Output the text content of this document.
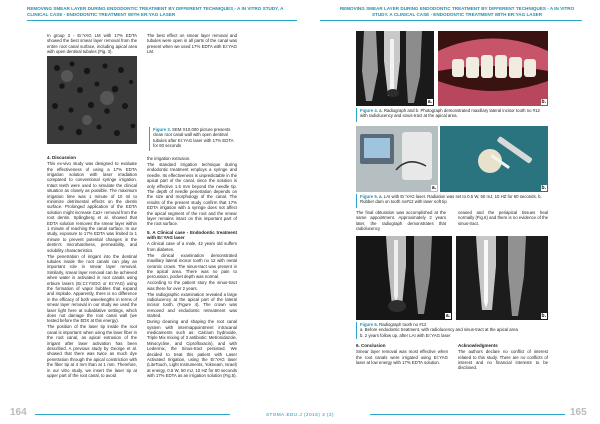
REMOVING SMEAR LAYER DURING ENDODONTIC TREATMENT BY DIFFERENT TECHNIQUES - A IN VITRO STUDY. A CLINICAL CASE - ENDODONTIC TREATMENT WITH ER:YAG LASER
REMOVING SMEAR LAYER DURING ENDODONTIC TREATMENT BY DIFFERENT TECHNIQUES - A IN VITRO STUDY. A CLINICAL CASE - ENDODONTIC TREATMENT WITH ER:YAG LASER

In group 3 - Er:YAG LM with 17% EDTA showed the best smear layer removal from the entire root canal surface, including apical area with open dentinal tubules (Fig. 3).

4. Discussion

This ex-vivo study was designed to evaluate the effectiveness of using a 17% EDTA irrigation solution with laser irradiation compared to conventional syringe irrigation. Intact teeth were used to simulate the clinical situation as closely as possible. The maximum irrigation time was 1 minute of 10 ml to minimize detrimental effects on the dentin surface. Prolonged application of the EDTA solution might increase Ca2+ removal from the root dentin. Spångberg et al. showed that EDTA solution removes the smear layer within 1 minute of reaching the canal surface. In our study, exposure to 17% EDTA was limited to 1 minute to prevent potential changes in the dentin's microhardness, permeability, and solubility characteristics.

The penetration of irrigant into the dentinal tubules inside the root canals can play an important role in smear layer removal. Similarly, smear layer removal can be achieved when water is activated in root canals using erbium lasers (Er,Cr:YSGG or Er:YAG) using the formation of vapor bubbles that expand and implode. Apparently, there is no difference in the efficacy of both wavelengths in terms of smear layer removal in our study we used the laser light here at subablative settings, which does not damage the root canal wall (we tested before the EDX at this energy).

The position of the laser tip inside the root canal is important: when using the laser fiber in the root canal, as apical extrusion of the irrigant after laser activation has been described. A previous study by George et al. showed that there was twice as much dye penetration through the apical constriction with the fiber tip at 4 mm than at 1 mm. Therefore, in our vitro study, we insert the laser tip at upper part of the root canal, to avoid

The best effect on smear layer removal and tubules were open in all parts of the canal was present when we used 17% EDTA with Er:YAG LM.

Figure 3. SEM X10,000 picture presents clean root canal wall with open dentinal tubules after Er:YAG laser with 17% EDTA for 60 seconds

the irrigation extrusion.

The standard irrigation technique during endodontic treatment employs a syringe and needle. Its effectiveness is unpredictable in the apical part of the canal, since the solution is only effective 1.5 mm beyond the needle tip. The depth of needle penetration depends on the size and morphology of the canal. The results of the present study confirm that 17% EDTA irrigation with a syringe does not affect the apical segment of the root and the smear layer remains intact on this important part of the root surface.

5. A Clinical case - Endodontic treatment with Er:YAG laser

A clinical case of a male, 42 years old suffers from diabetes.

The clinical examination demonstrated maxillary lateral incisor tooth no 12 with metal ceramic crown. The sinus-tract was present in the apical area. There was no pain to percussion, pocket depth was normal.

According to the patient story the sinus-tract was there for over 2 years.

The radiographic examination revealed a large radiolucency at the apical part of the lateral incisor tooth. (Figure 4). The crown was removed and endodontic retreatment was started.

During cleaning and shaping the root canal system with intermappointment intracanal medicaments such as: Calcium hydroxide, Triple Mix mixing of 3 antibiotic: Metronidazole, Minocycline, and Ciprofloxacin), and with Ledermix, the Sinus-tract persisted. We decided to treat this patient with Laser Activated Irrigation, using the Er:YAG laser (LiteTouch, Light Instruments, Yokneam, Israel) at energy, 0.5 W, 50 mJ, 10 HZ for 60 seconds with 17% EDTA as an irrigation solution (Fig.5).

a.	b.
Figure 4. a. Radiograph and b. Photograph demonstrated maxillary lateral incisor tooth no #12 with radiolucency and sinus-tract at the apical area.
a.	b.
Figure 5. a. LAI with Er:YAG laser. Radiation was set to 0.5 W, 50 mJ, 10 HZ for 60 seconds. b. Rubber dam on tooth no#12 with laser soft tip

The final obturation was accomplished at the same appointment. Approximately 2 years later, the radiograph demonstrates that radiolucency

ceased and the periapical tissues heal normally (Fig.6) and there is no evidence of the sinus-tract.

a.	b.
Figure 6. Radiograph tooth no #12
a. Before endodontic treatment, with radiolucency and sinus-tract at the apical area
b. 2 years follow up, after LAI with Er:YAG laser
6. Conclusion

Smear layer removal was most effective when the root canals were irrigated using Er:YAG laser at low energy with 17% EDTA solution.

Acknowledgments

The authors declare no conflict of interest related to this study. There are no conflicts of interest and no financial interests to be disclosed.

164	STOMA.EDU.J (2016) 3 (2)	165
